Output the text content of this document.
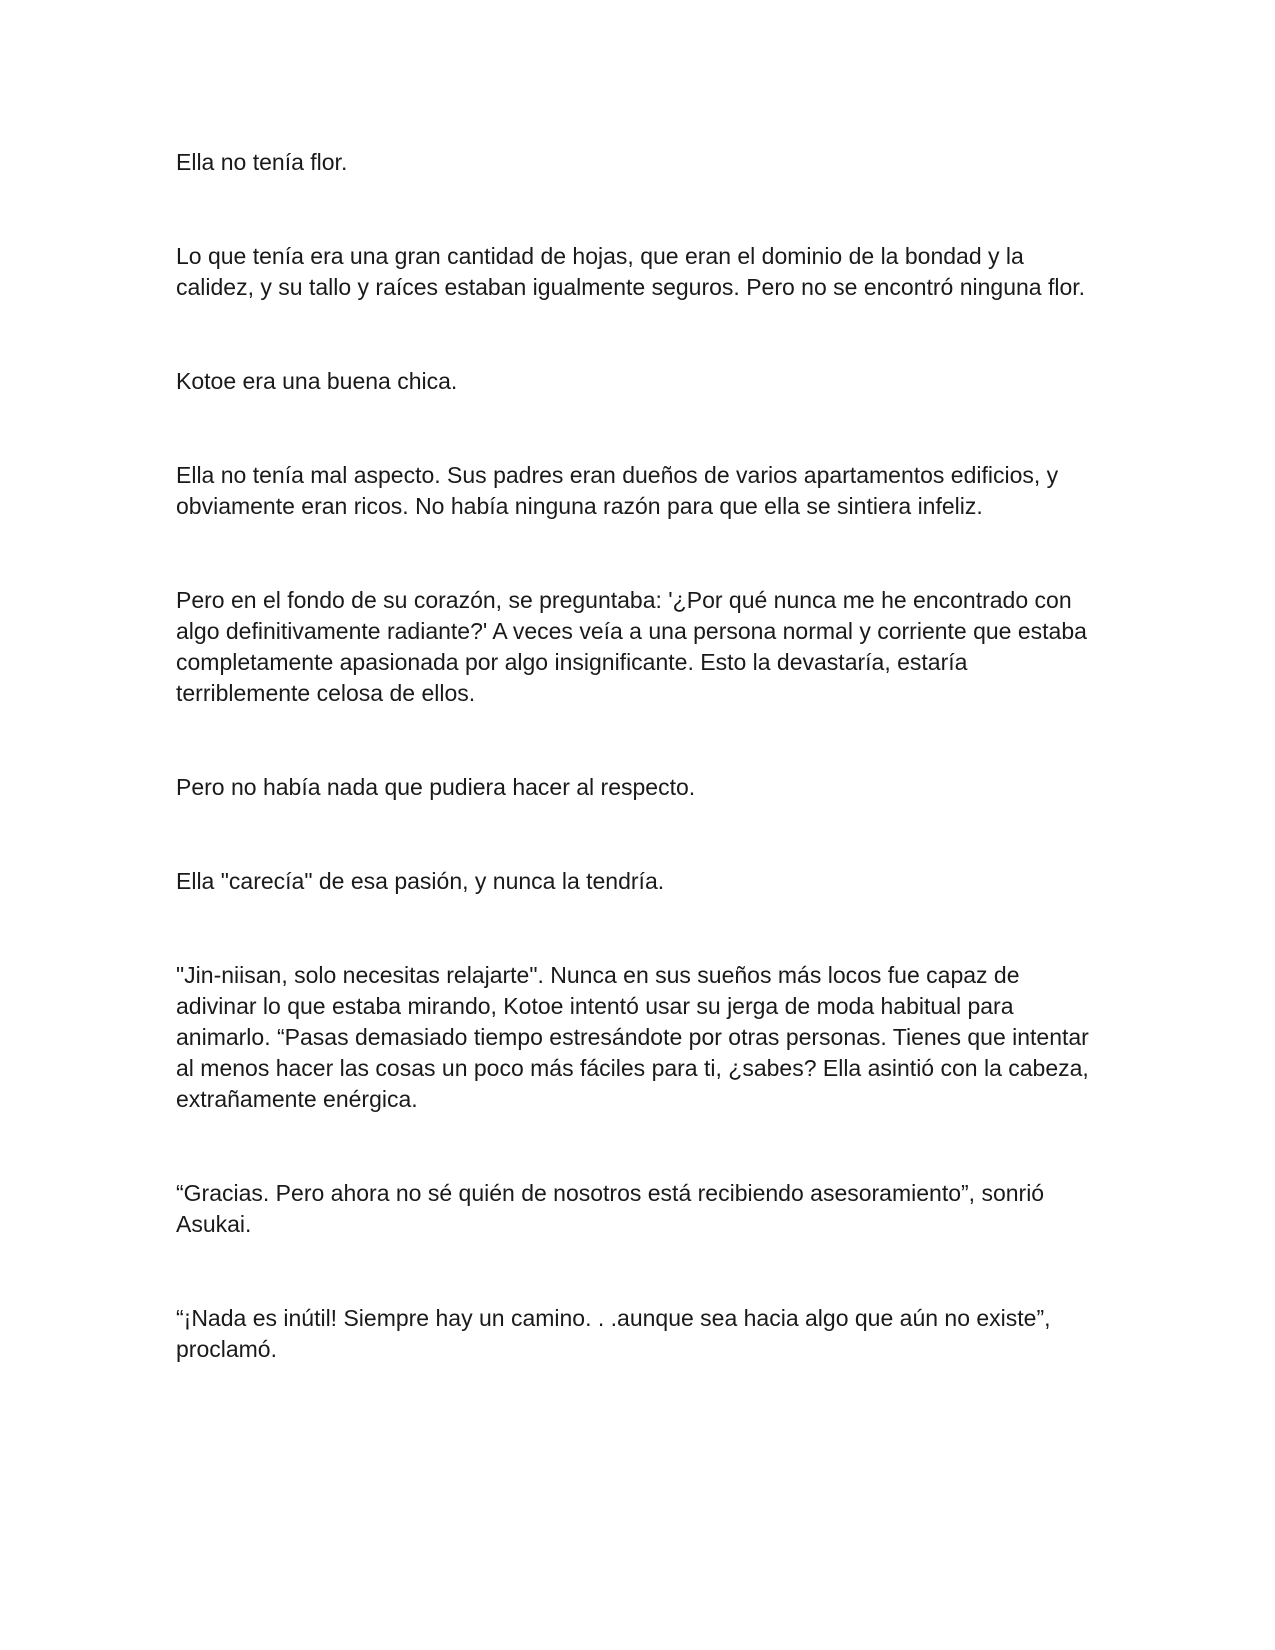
Ella no tenía flor.

Lo que tenía era una gran cantidad de hojas, que eran el dominio de la bondad y la calidez, y su tallo y raíces estaban igualmente seguros. Pero no se encontró ninguna flor.

Kotoe era una buena chica.

Ella no tenía mal aspecto. Sus padres eran dueños de varios apartamentos edificios, y obviamente eran ricos. No había ninguna razón para que ella se sintiera infeliz.

Pero en el fondo de su corazón, se preguntaba: '¿Por qué nunca me he encontrado con algo definitivamente radiante?' A veces veía a una persona normal y corriente que estaba completamente apasionada por algo insignificante. Esto la devastaría, estaría terriblemente celosa de ellos.

Pero no había nada que pudiera hacer al respecto.

Ella "carecía" de esa pasión, y nunca la tendría.

"Jin-niisan, solo necesitas relajarte". Nunca en sus sueños más locos fue capaz de adivinar lo que estaba mirando, Kotoe intentó usar su jerga de moda habitual para animarlo. “Pasas demasiado tiempo estresándote por otras personas. Tienes que intentar al menos hacer las cosas un poco más fáciles para ti, ¿sabes? Ella asintió con la cabeza, extrañamente enérgica.

“Gracias. Pero ahora no sé quién de nosotros está recibiendo asesoramiento”, sonrió Asukai.

“¡Nada es inútil! Siempre hay un camino. . .aunque sea hacia algo que aún no existe”, proclamó.
